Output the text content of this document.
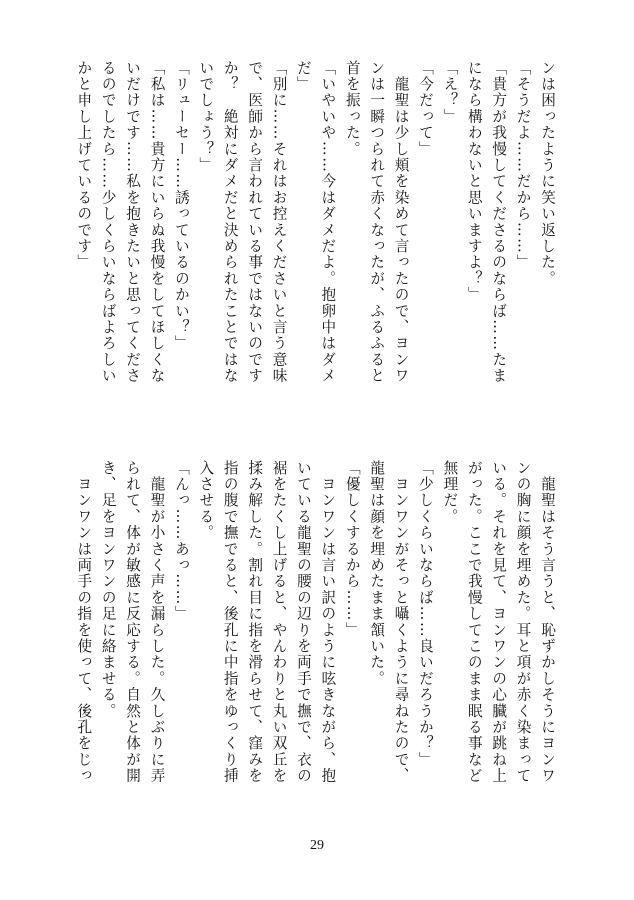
ンは困ったように笑い返した。

「そうだよ……だから……」

「貴方が我慢してくださるのならば……たま

になら構わないと思いますよ？」

「え？」

「今だって」

　龍聖は少し頬を染めて言ったので、ヨンワ

ンは一瞬つられて赤くなったが、ふるふると

首を振った。

「いやいや……今はダメだよ。抱卵中はダメ

だ」

「別に……それはお控えくださいと言う意味

で、医師から言われている事ではないのです

か？　絶対にダメだと決められたことではな

いでしょう？」

「リューセー……誘っているのかい？」

「私は……貴方にいらぬ我慢をしてほしくな

いだけです……私を抱きたいと思ってくださ

るのでしたら……少しくらいならばよろしい

かと申し上げているのです」

　龍聖はそう言うと、恥ずかしそうにヨンワ

ンの胸に顔を埋めた。耳と項が赤く染まって

いる。それを見て、ヨンワンの心臓が跳ね上

がった。ここで我慢してこのまま眠る事など

無理だ。

「少しくらいならば……良いだろうか？」

　ヨンワンがそっと囁くように尋ねたので、

龍聖は顔を埋めたまま頷いた。

「優しくするから……」

　ヨンワンは言い訳のように呟きながら、抱

いている龍聖の腰の辺りを両手で撫で、衣の

裾をたくし上げると、やんわりと丸い双丘を

揉み解した。割れ目に指を滑らせて、窪みを

指の腹で撫でると、後孔に中指をゆっくり挿

入させる。

「んっ……あっ……」

　龍聖が小さく声を漏らした。久しぶりに弄

られて、体が敏感に反応する。自然と体が開

き、足をヨンワンの足に絡ませる。

　ヨンワンは両手の指を使って、後孔をじっ

29
